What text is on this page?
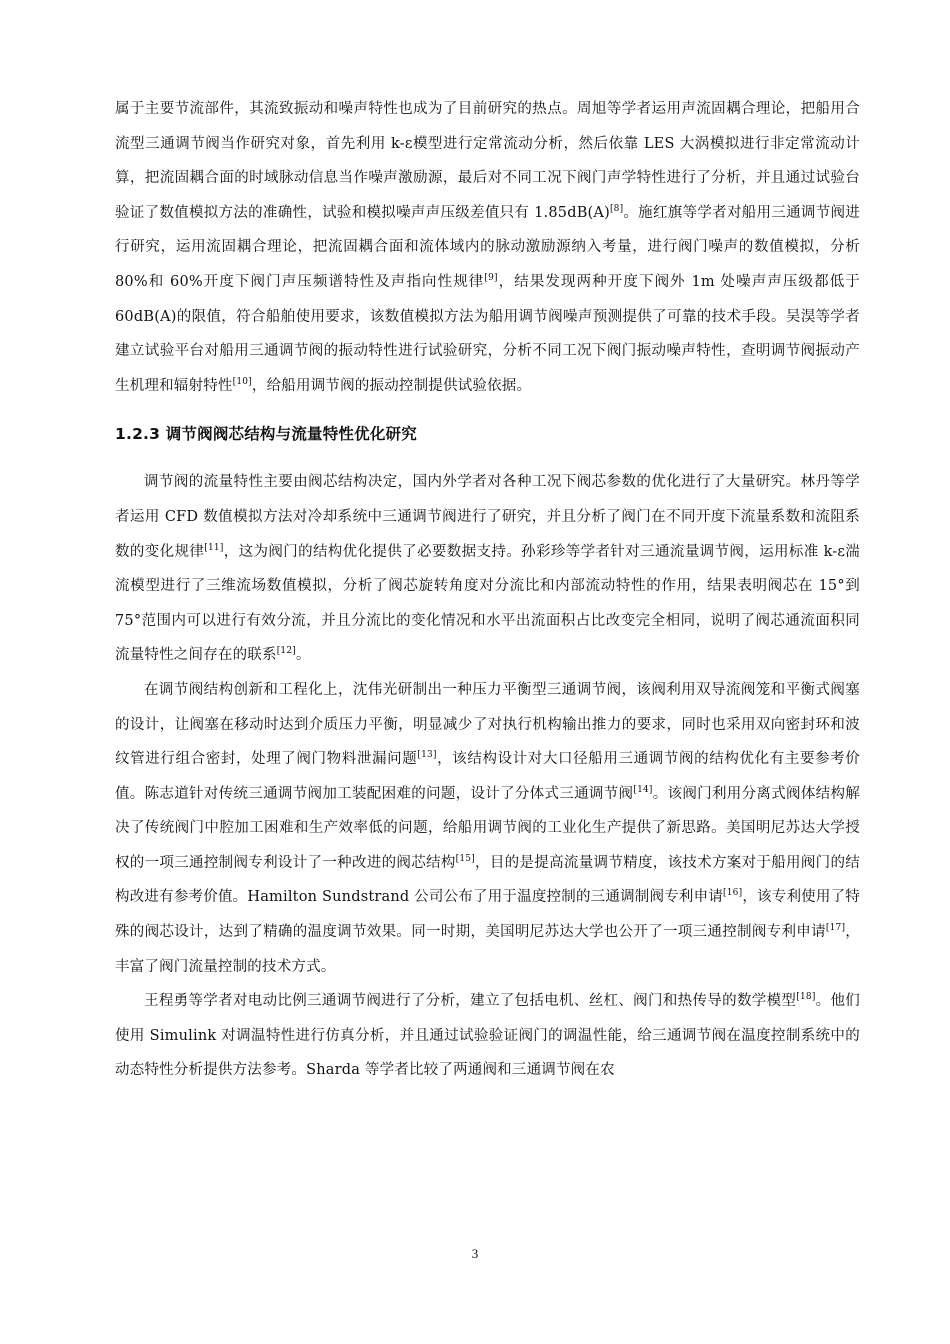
属于主要节流部件，其流致振动和噪声特性也成为了目前研究的热点。周旭等学者运用声流固耦合理论，把船用合流型三通调节阀当作研究对象，首先利用 k-ε模型进行定常流动分析，然后依靠 LES 大涡模拟进行非定常流动计算，把流固耦合面的时域脉动信息当作噪声激励源，最后对不同工况下阀门声学特性进行了分析，并且通过试验台验证了数值模拟方法的准确性，试验和模拟噪声声压级差值只有 1.85dB(A)[8]。施红旗等学者对船用三通调节阀进行研究，运用流固耦合理论，把流固耦合面和流体域内的脉动激励源纳入考量，进行阀门噪声的数值模拟，分析 80%和 60%开度下阀门声压频谱特性及声指向性规律[9]，结果发现两种开度下阀外 1m 处噪声声压级都低于 60dB(A)的限值，符合船舶使用要求，该数值模拟方法为船用调节阀噪声预测提供了可靠的技术手段。吴淏等学者建立试验平台对船用三通调节阀的振动特性进行试验研究，分析不同工况下阀门振动噪声特性，查明调节阀振动产生机理和辐射特性[10]，给船用调节阀的振动控制提供试验依据。

1.2.3 调节阀阀芯结构与流量特性优化研究

调节阀的流量特性主要由阀芯结构决定，国内外学者对各种工况下阀芯参数的优化进行了大量研究。林丹等学者运用 CFD 数值模拟方法对冷却系统中三通调节阀进行了研究，并且分析了阀门在不同开度下流量系数和流阻系数的变化规律[11]，这为阀门的结构优化提供了必要数据支持。孙彩珍等学者针对三通流量调节阀，运用标准 k-ε湍流模型进行了三维流场数值模拟，分析了阀芯旋转角度对分流比和内部流动特性的作用，结果表明阀芯在 15°到 75°范围内可以进行有效分流，并且分流比的变化情况和水平出流面积占比改变完全相同，说明了阀芯通流面积同流量特性之间存在的联系[12]。

在调节阀结构创新和工程化上，沈伟光研制出一种压力平衡型三通调节阀，该阀利用双导流阀笼和平衡式阀塞的设计，让阀塞在移动时达到介质压力平衡，明显减少了对执行机构输出推力的要求，同时也采用双向密封环和波纹管进行组合密封，处理了阀门物料泄漏问题[13]，该结构设计对大口径船用三通调节阀的结构优化有主要参考价值。陈志道针对传统三通调节阀加工装配困难的问题，设计了分体式三通调节阀[14]。该阀门利用分离式阀体结构解决了传统阀门中腔加工困难和生产效率低的问题，给船用调节阀的工业化生产提供了新思路。美国明尼苏达大学授权的一项三通控制阀专利设计了一种改进的阀芯结构[15]，目的是提高流量调节精度，该技术方案对于船用阀门的结构改进有参考价值。Hamilton Sundstrand 公司公布了用于温度控制的三通调制阀专利申请[16]，该专利使用了特殊的阀芯设计，达到了精确的温度调节效果。同一时期，美国明尼苏达大学也公开了一项三通控制阀专利申请[17]，丰富了阀门流量控制的技术方式。

王程勇等学者对电动比例三通调节阀进行了分析，建立了包括电机、丝杠、阀门和热传导的数学模型[18]。他们使用 Simulink 对调温特性进行仿真分析，并且通过试验验证阀门的调温性能，给三通调节阀在温度控制系统中的动态特性分析提供方法参考。Sharda 等学者比较了两通阀和三通调节阀在农

3
